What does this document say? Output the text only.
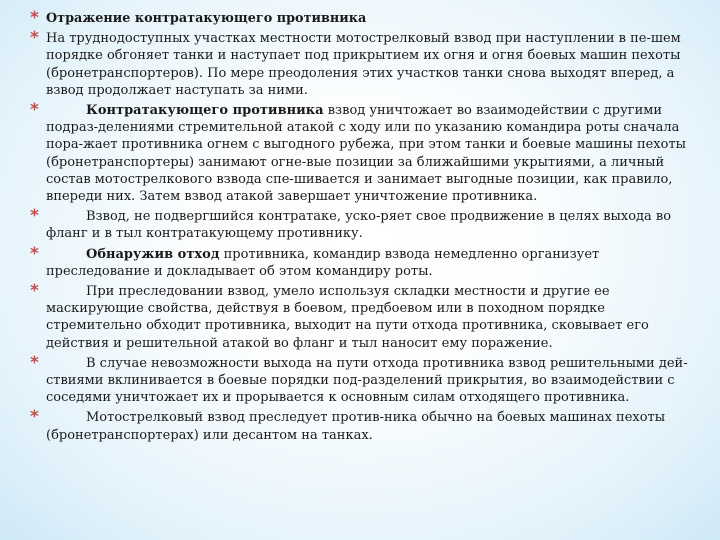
* Отражение контратакующего противника
* На труднодоступных участках местности мотострелковый взвод при наступлении в пе-шем порядке обгоняет танки и наступает под прикрытием их огня и огня боевых машин пехоты (бронетранспортеров). По мере преодоления этих участков танки снова выходят вперед, а взвод продолжает наступать за ними.
*	Контратакующего противника взвод уничтожает во взаимодействии с другими подраз-делениями стремительной атакой с ходу или по указанию командира роты сначала пора-жает противника огнем с выгодного рубежа, при этом танки и боевые машины пехоты (бронетранспортеры) занимают огне-вые позиции за ближайшими укрытиями, а личный состав мотострелкового взвода спе-шивается и занимает выгодные позиции, как правило, впереди них. Затем взвод атакой завершает уничтожение противника.
*	Взвод, не подвергшийся контратаке, уско-ряет свое продвижение в целях выхода во фланг и в тыл контратакующему противнику.
*	Обнаружив отход противника, командир взвода немедленно организует преследование и докладывает об этом командиру роты.
*	При преследовании взвод, умело используя складки местности и другие ее маскирующие свойства, действуя в боевом, предбоевом или в походном порядке стремительно обходит противника, выходит на пути отхода противника, сковывает его действия и решительной атакой во фланг и тыл наносит ему поражение.
*	В случае невозможности выхода на пути отхода противника взвод решительными дей-ствиями вклинивается в боевые порядки под-разделений прикрытия, во взаимодействии с соседями уничтожает их и прорывается к основным силам отходящего противника.
*	Мотострелковый взвод преследует против-ника обычно на боевых машинах пехоты (бронетранспортерах) или десантом на танках.
